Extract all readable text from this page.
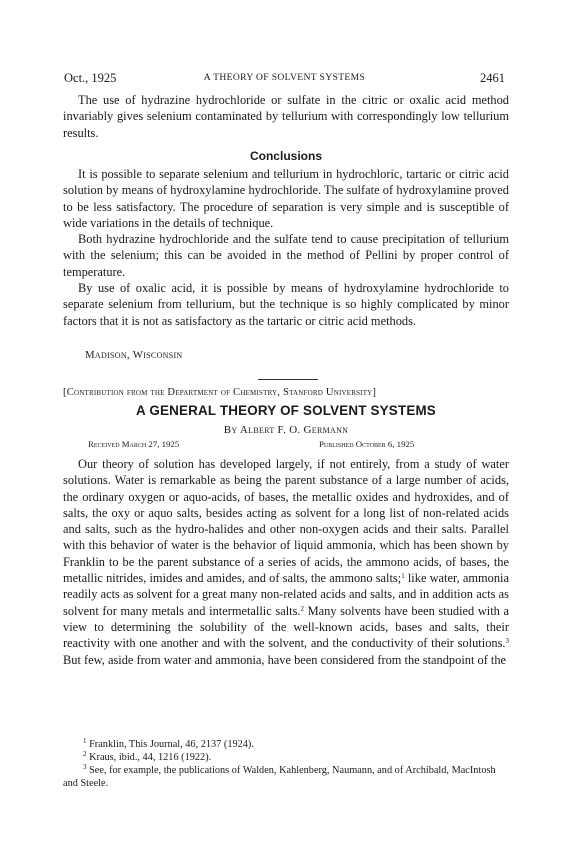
Oct., 1925	A THEORY OF SOLVENT SYSTEMS	2461

The use of hydrazine hydrochloride or sulfate in the citric or oxalic acid method invariably gives selenium contaminated by tellurium with correspondingly low tellurium results.

Conclusions

It is possible to separate selenium and tellurium in hydrochloric, tartaric or citric acid solution by means of hydroxylamine hydrochloride. The sulfate of hydroxylamine proved to be less satisfactory. The procedure of separation is very simple and is susceptible of wide variations in the details of technique.

Both hydrazine hydrochloride and the sulfate tend to cause precipitation of tellurium with the selenium; this can be avoided in the method of Pellini by proper control of temperature.

By use of oxalic acid, it is possible by means of hydroxylamine hydrochloride to separate selenium from tellurium, but the technique is so highly complicated by minor factors that it is not as satisfactory as the tartaric or citric acid methods.

Madison, Wisconsin
[Contribution from the Department of Chemistry, Stanford University]
A GENERAL THEORY OF SOLVENT SYSTEMS
By Albert F. O. Germann
Received March 27, 1925	Published October 6, 1925

Our theory of solution has developed largely, if not entirely, from a study of water solutions. Water is remarkable as being the parent substance of a large number of acids, the ordinary oxygen or aquo-acids, of bases, the metallic oxides and hydroxides, and of salts, the oxy or aquo salts, besides acting as solvent for a long list of non-related acids and salts, such as the hydro-halides and other non-oxygen acids and their salts. Parallel with this behavior of water is the behavior of liquid ammonia, which has been shown by Franklin to be the parent substance of a series of acids, the ammono acids, of bases, the metallic nitrides, imides and amides, and of salts, the ammono salts;$^1$ like water, ammonia readily acts as solvent for a great many non-related acids and salts, and in addition acts as solvent for many metals and intermetallic salts.$^2$ Many solvents have been studied with a view to determining the solubility of the well-known acids, bases and salts, their reactivity with one another and with the solvent, and the conductivity of their solutions.$^3$ But few, aside from water and ammonia, have been considered from the standpoint of the

$^1$ Franklin, This Journal, 46, 2137 (1924).

$^2$ Kraus, ibid., 44, 1216 (1922).

$^3$ See, for example, the publications of Walden, Kahlenberg, Naumann, and of Archibald, MacIntosh and Steele.
